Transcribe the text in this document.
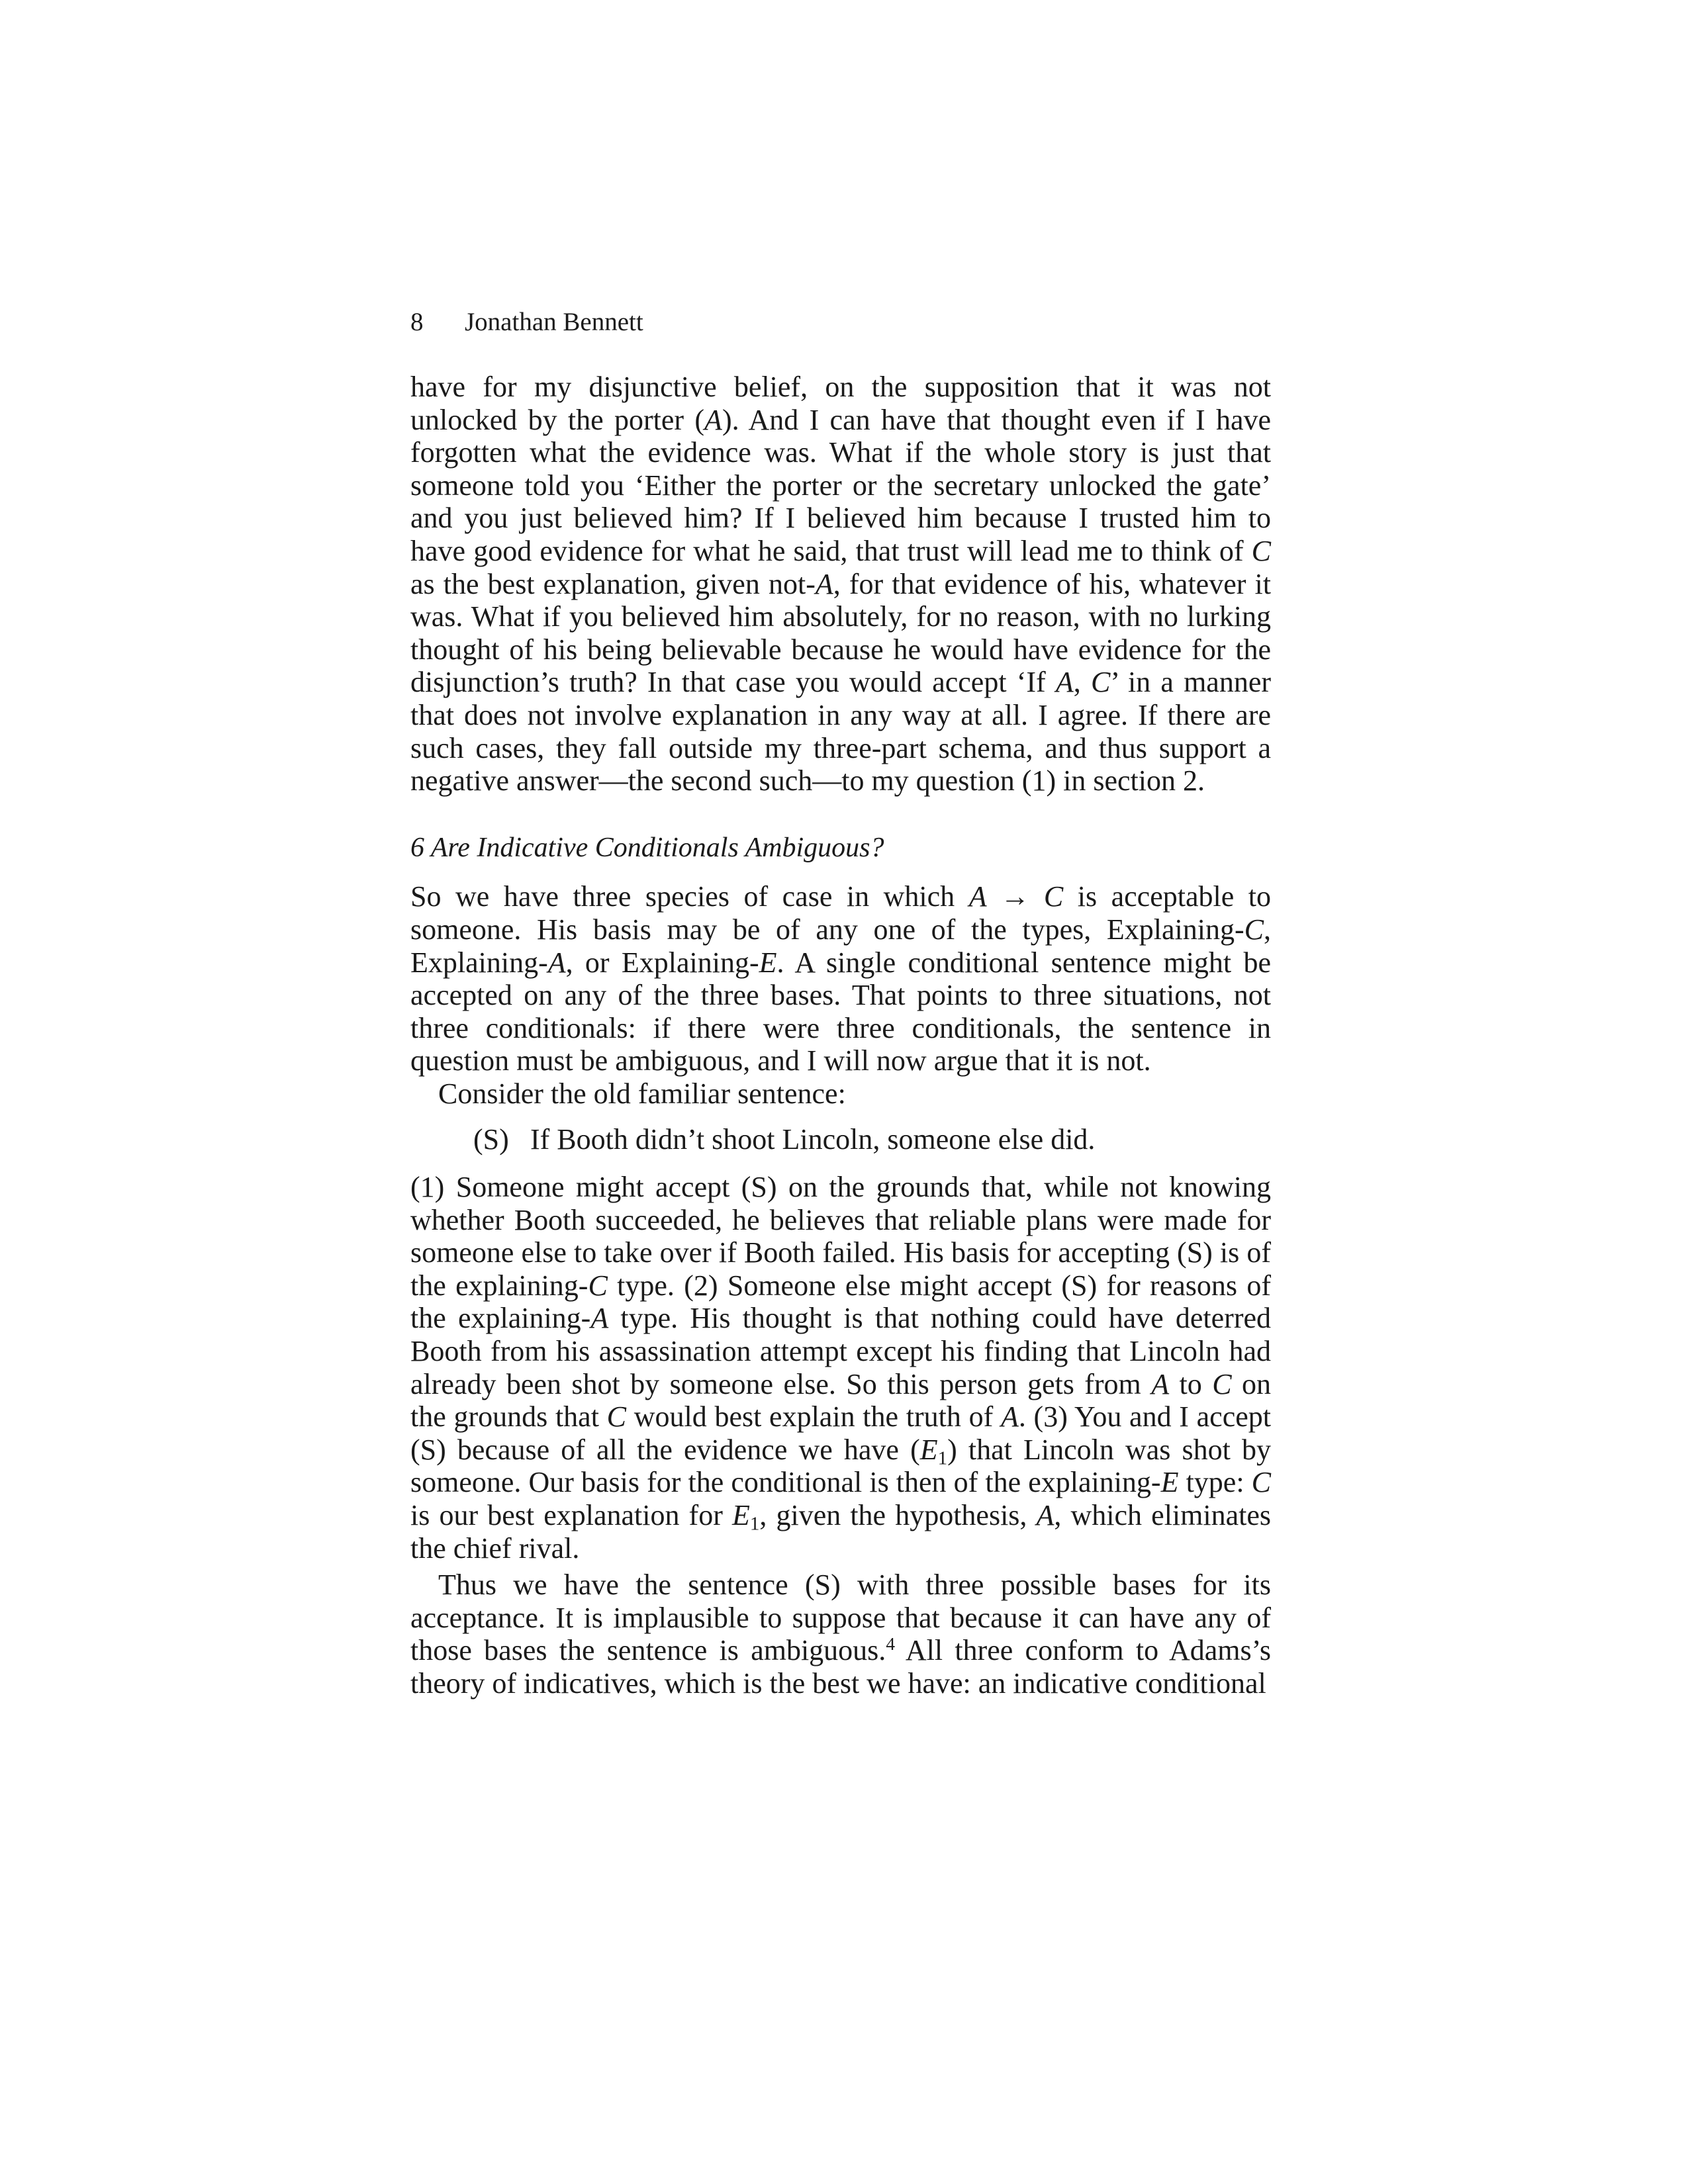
8 Jonathan Bennett

have for my disjunctive belief, on the supposition that it was not unlocked by the porter (A). And I can have that thought even if I have forgotten what the evidence was. What if the whole story is just that someone told you ‘Either the porter or the secretary unlocked the gate’ and you just believed him? If I believed him because I trusted him to have good evidence for what he said, that trust will lead me to think of C as the best explanation, given not-A, for that evidence of his, whatever it was. What if you believed him absolutely, for no reason, with no lurking thought of his being believable because he would have evidence for the disjunction’s truth? In that case you would accept ‘If A, C’ in a manner that does not involve explanation in any way at all. I agree. If there are such cases, they fall outside my three-part schema, and thus support a negative answer—the second such—to my question (1) in section 2.

6 Are Indicative Conditionals Ambiguous?

So we have three species of case in which A → C is acceptable to someone. His basis may be of any one of the types, Explaining-C, Explaining-A, or Explaining-E. A single conditional sentence might be accepted on any of the three bases. That points to three situations, not three conditionals: if there were three conditionals, the sentence in question must be ambiguous, and I will now argue that it is not.

Consider the old familiar sentence:

(S) If Booth didn’t shoot Lincoln, someone else did.

(1) Someone might accept (S) on the grounds that, while not knowing whether Booth succeeded, he believes that reliable plans were made for someone else to take over if Booth failed. His basis for accepting (S) is of the explaining-C type. (2) Someone else might accept (S) for reasons of the explaining-A type. His thought is that nothing could have deterred Booth from his assassination attempt except his finding that Lincoln had already been shot by someone else. So this person gets from A to C on the grounds that C would best explain the truth of A. (3) You and I accept (S) because of all the evidence we have $(E_1)$ that Lincoln was shot by someone. Our basis for the conditional is then of the explaining-E type: C is our best explanation for $E_1$, given the hypothesis, A, which eliminates the chief rival.

Thus we have the sentence (S) with three possible bases for its acceptance. It is implausible to suppose that because it can have any of those bases the sentence is ambiguous.$^4$ All three conform to Adams’s theory of indicatives, which is the best we have: an indicative conditional
